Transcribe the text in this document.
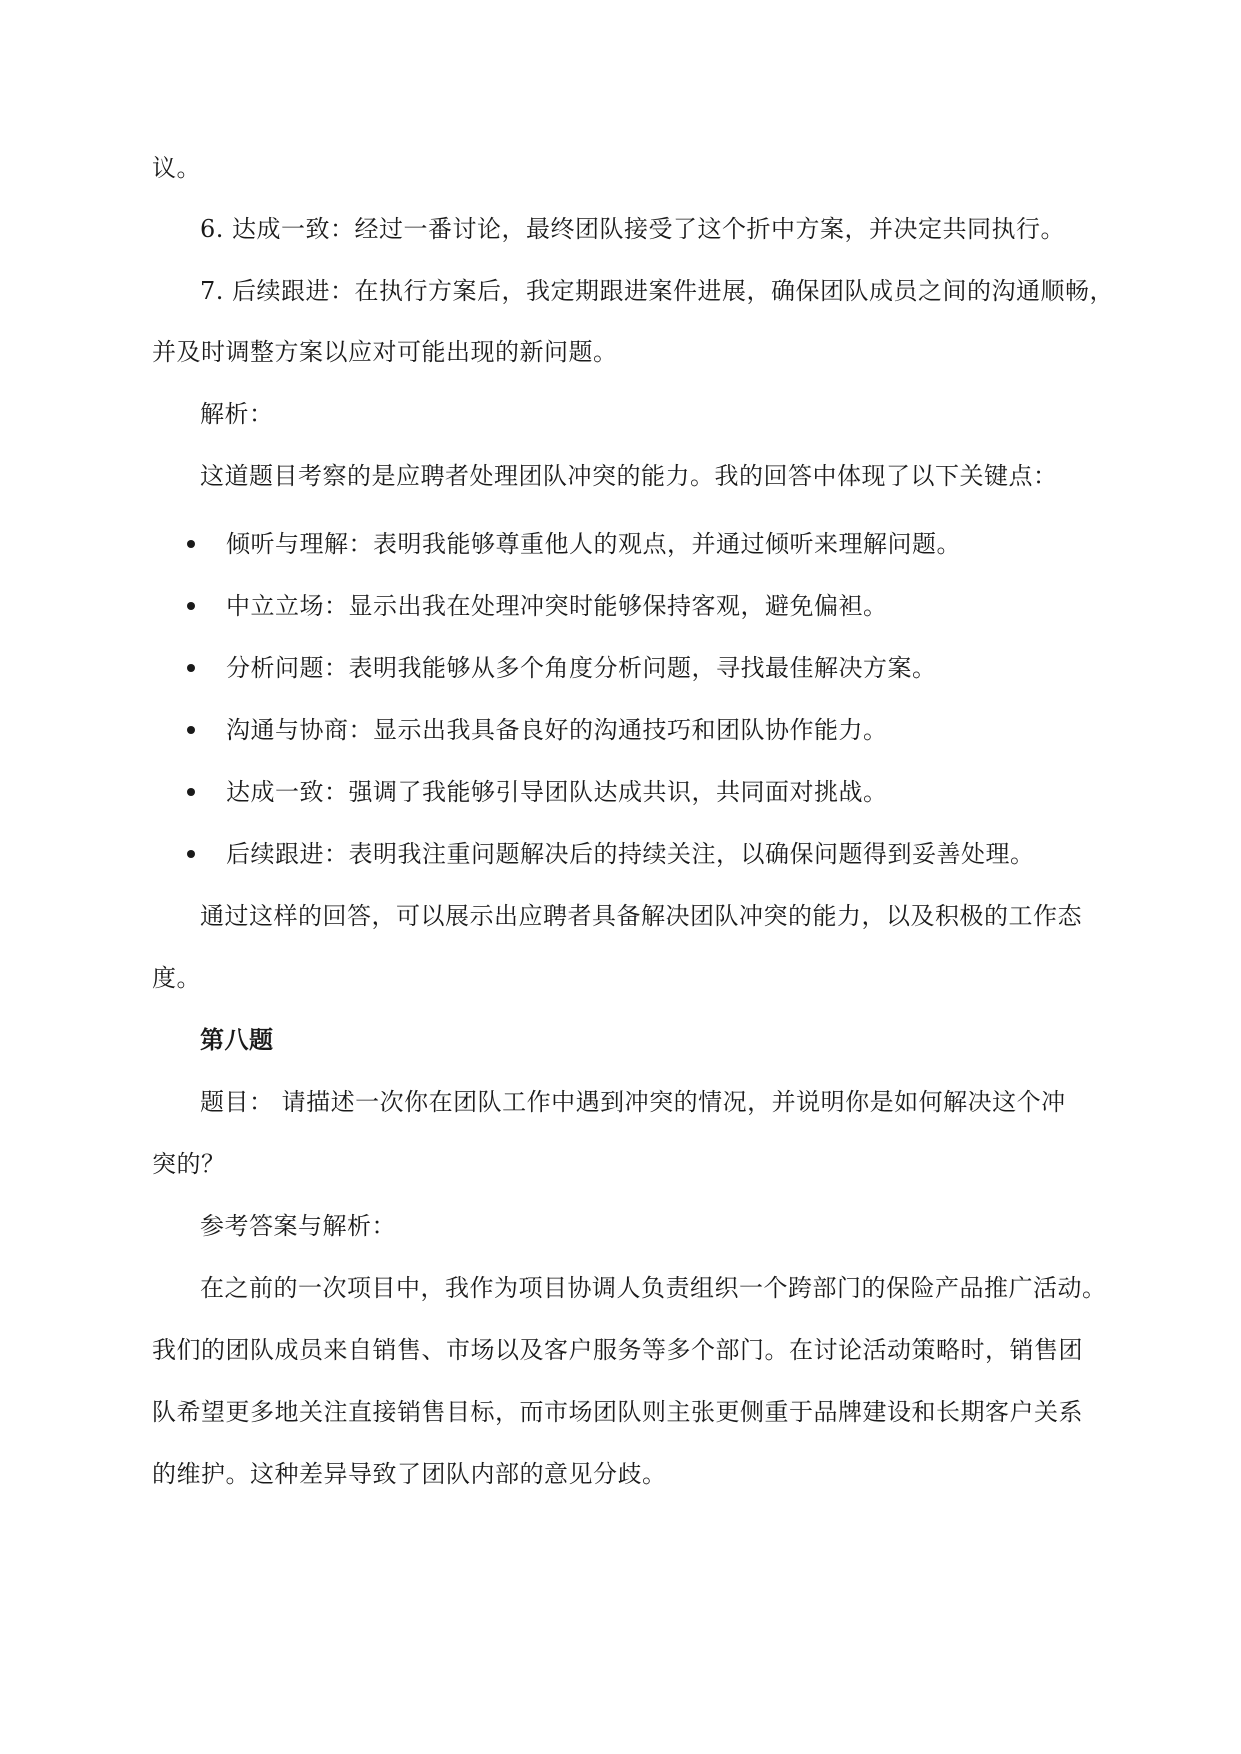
议。
6. 达成一致：经过一番讨论，最终团队接受了这个折中方案，并决定共同执行。
7. 后续跟进：在执行方案后，我定期跟进案件进展，确保团队成员之间的沟通顺畅，
并及时调整方案以应对可能出现的新问题。
解析：
这道题目考察的是应聘者处理团队冲突的能力。我的回答中体现了以下关键点：
倾听与理解：表明我能够尊重他人的观点，并通过倾听来理解问题。
中立立场：显示出我在处理冲突时能够保持客观，避免偏袒。
分析问题：表明我能够从多个角度分析问题，寻找最佳解决方案。
沟通与协商：显示出我具备良好的沟通技巧和团队协作能力。
达成一致：强调了我能够引导团队达成共识，共同面对挑战。
后续跟进：表明我注重问题解决后的持续关注，以确保问题得到妥善处理。
通过这样的回答，可以展示出应聘者具备解决团队冲突的能力，以及积极的工作态
度。
第八题
题目： 请描述一次你在团队工作中遇到冲突的情况，并说明你是如何解决这个冲
突的？
参考答案与解析：
在之前的一次项目中，我作为项目协调人负责组织一个跨部门的保险产品推广活动。
我们的团队成员来自销售、市场以及客户服务等多个部门。在讨论活动策略时，销售团
队希望更多地关注直接销售目标，而市场团队则主张更侧重于品牌建设和长期客户关系
的维护。这种差异导致了团队内部的意见分歧。
